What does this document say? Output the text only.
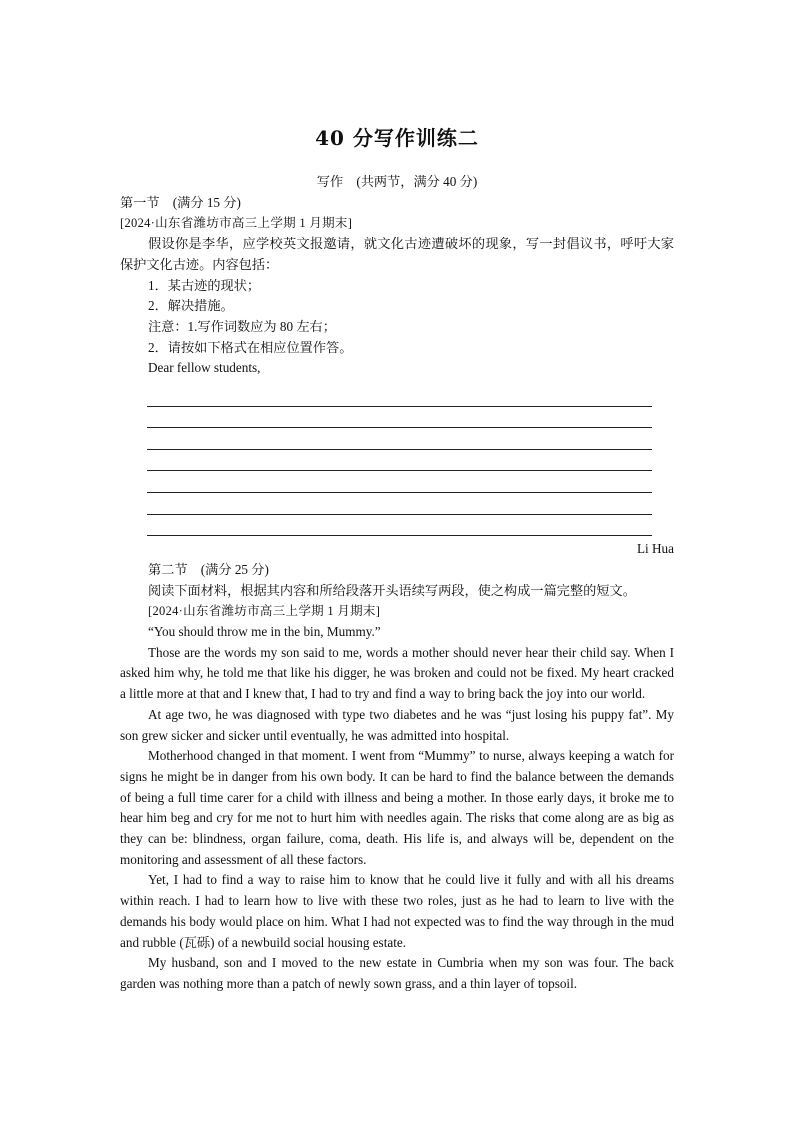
40 分写作训练二

写作　(共两节，满分 40 分)

第一节　(满分 15 分)

[2024·山东省潍坊市高三上学期 1 月期末]

假设你是李华，应学校英文报邀请，就文化古迹遭破坏的现象，写一封倡议书，呼吁大家保护文化古迹。内容包括：

1．某古迹的现状；

2．解决措施。

注意：1.写作词数应为 80 左右；

2．请按如下格式在相应位置作答。

Dear fellow students,

Li Hua

第二节　(满分 25 分)

阅读下面材料，根据其内容和所给段落开头语续写两段，使之构成一篇完整的短文。

[2024·山东省潍坊市高三上学期 1 月期末]

“You should throw me in the bin, Mummy.”

Those are the words my son said to me, words a mother should never hear their child say. When I asked him why, he told me that like his digger, he was broken and could not be fixed. My heart cracked a little more at that and I knew that, I had to try and find a way to bring back the joy into our world.

At age two, he was diagnosed with type two diabetes and he was “just losing his puppy fat”. My son grew sicker and sicker until eventually, he was admitted into hospital.

Motherhood changed in that moment. I went from “Mummy” to nurse, always keeping a watch for signs he might be in danger from his own body. It can be hard to find the balance between the demands of being a full time carer for a child with illness and being a mother. In those early days, it broke me to hear him beg and cry for me not to hurt him with needles again. The risks that come along are as big as they can be: blindness, organ failure, coma, death. His life is, and always will be, dependent on the monitoring and assessment of all these factors.

Yet, I had to find a way to raise him to know that he could live it fully and with all his dreams within reach. I had to learn how to live with these two roles, just as he had to learn to live with the demands his body would place on him. What I had not expected was to find the way through in the mud and rubble (瓦砾) of a newbuild social housing estate.

My husband, son and I moved to the new estate in Cumbria when my son was four. The back garden was nothing more than a patch of newly sown grass, and a thin layer of topsoil.
